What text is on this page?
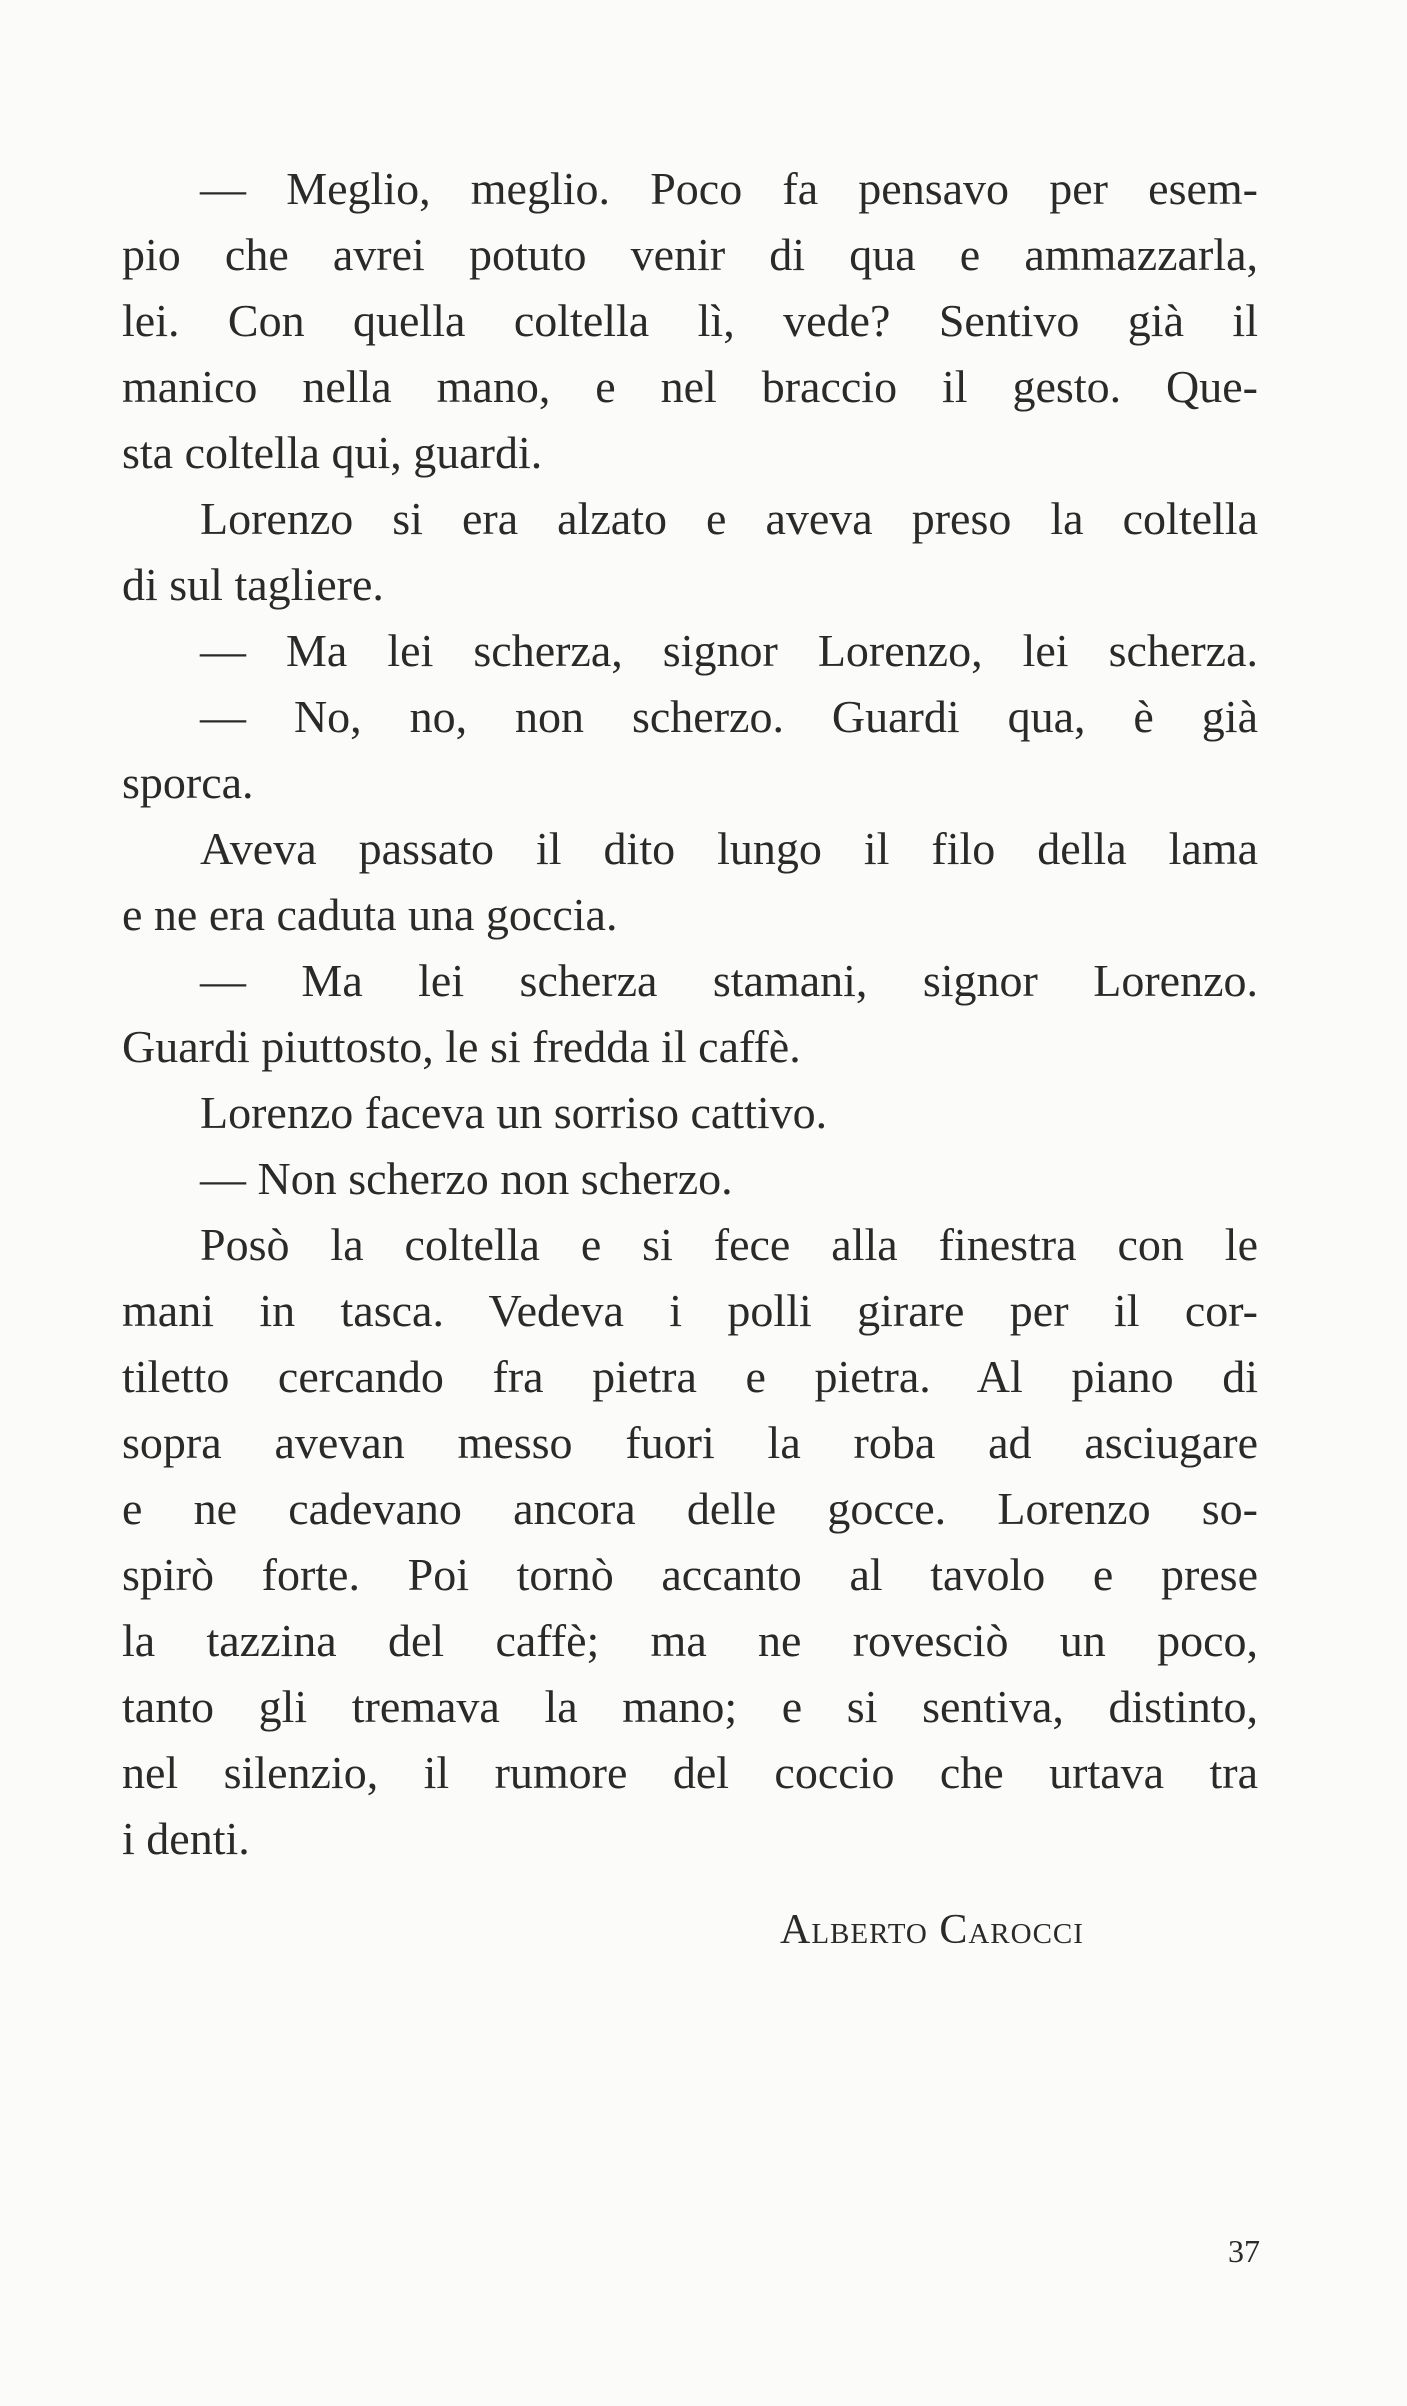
— Meglio, meglio. Poco fa pensavo per esem-
pio che avrei potuto venir di qua e ammazzarla,
lei. Con quella coltella lì, vede? Sentivo già il
manico nella mano, e nel braccio il gesto. Que-
sta coltella qui, guardi.
Lorenzo si era alzato e aveva preso la coltella
di sul tagliere.
— Ma lei scherza, signor Lorenzo, lei scherza.
— No, no, non scherzo. Guardi qua, è già
sporca.
Aveva passato il dito lungo il filo della lama
e ne era caduta una goccia.
— Ma lei scherza stamani, signor Lorenzo.
Guardi piuttosto, le si fredda il caffè.
Lorenzo faceva un sorriso cattivo.
— Non scherzo non scherzo.
Posò la coltella e si fece alla finestra con le
mani in tasca. Vedeva i polli girare per il cor-
tiletto cercando fra pietra e pietra. Al piano di
sopra avevan messo fuori la roba ad asciugare
e ne cadevano ancora delle gocce. Lorenzo so-
spirò forte. Poi tornò accanto al tavolo e prese
la tazzina del caffè; ma ne rovesciò un poco,
tanto gli tremava la mano; e si sentiva, distinto,
nel silenzio, il rumore del coccio che urtava tra
i denti.
Alberto Carocci
37
